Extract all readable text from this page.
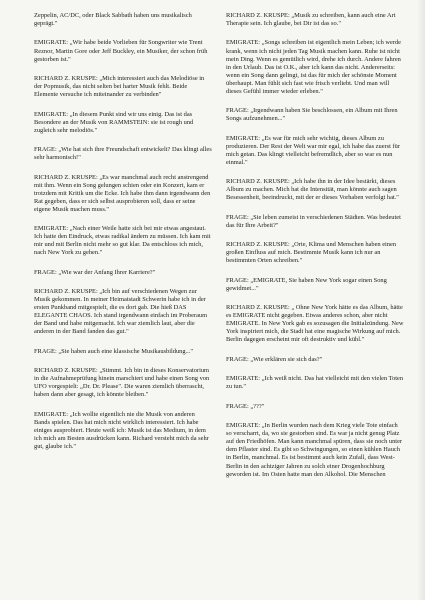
Zeppelin, AC/DC, oder Black Sabbath haben uns musikalisch geprägt."

EMIGRATE: „Wir habe beide Vorlieben für Songwriter wie Trent Reznor, Martin Gore oder Jeff Buckley, ein Musiker, der schon früh gestorben ist."

RICHARD Z. KRUSPE: „Mich interessiert auch das Melodiöse in der Popmusik, das nicht selten bei harter Musik fehlt. Beide Elemente versuche ich miteinander zu verbinden"

EMIGRATE: „In diesem Punkt sind wir uns einig. Das ist das Besondere an der Musik von RAMMSTEIN: sie ist rough und zugleich sehr melodiös."

FRAGE: „Wie hat sich ihre Freundschaft entwickelt? Das klingt alles sehr harmonisch!"

RICHARD Z. KRUSPE: „Es war manchmal auch recht anstrengend mit ihm. Wenn ein Song gelungen schien oder ein Konzert, kam er trotzdem mit Kritik um die Ecke. Ich habe ihm dann irgendwann den Rat gegeben, dass er sich selbst ausprobieren soll, dass er seine eigene Musik machen muss."

EMIGRATE: „Nach einer Weile hatte sich bei mir etwas angestaut. Ich hatte den Eindruck, etwas radikal ändern zu müssen. Ich kam mit mir und mit Berlin nicht mehr so gut klar. Da entschloss ich mich, nach New York zu gehen."

FRAGE: „Wie war der Anfang Ihrer Karriere?"

RICHARD Z. KRUSPE: „Ich bin auf verschiedenen Wegen zur Musik gekommen. In meiner Heimatstadt Schwerin habe ich in der ersten Punkband mitgespielt, die es dort gab. Die hieß DAS ELEGANTE CHAOS. Ich stand irgendwann einfach im Proberaum der Band und habe mitgemacht. Ich war ziemlich laut, aber die anderen in der Band fanden das gut."

FRAGE: „Sie haben auch eine klassische Musikausbildung..."

RICHARD Z. KRUSPE: „Stimmt. Ich bin in dieses Konservatorium in die Aufnahmeprüfung hinein marschiert und habe einen Song von UFO vorgespielt: „Dr. Dr. Please". Die waren ziemlich überrascht, haben dann aber gesagt, ich könnte bleiben."

EMIGRATE: „Ich wollte eigentlich nie die Musik von anderen Bands spielen. Das hat mich nicht wirklich interessiert. Ich habe einiges ausprobiert. Heute weiß ich: Musik ist das Medium, in dem ich mich am Besten ausdrücken kann. Richard versteht mich da sehr gut, glaube ich."

RICHARD Z. KRUSPE: „Musik zu schreiben, kann auch eine Art Therapie sein. Ich glaube, bei Dir ist das so."

EMIGRATE: „Songs schreiben ist eigentlich mein Leben; ich werde krank, wenn ich nicht jeden Tag Musik machen kann. Ruhe ist nicht mein Ding. Wenn es gemütlich wird, drehe ich durch. Andere fahren in den Urlaub. Das ist O.K., aber ich kann das nicht. Andererseits: wenn ein Song dann gelingt, ist das für mich der schönste Moment überhaupt. Man fühlt sich fast wie frisch verliebt. Und man will dieses Gefühl immer wieder erleben."

FRAGE: „Irgendwann haben Sie beschlossen, ein Album mit Ihren Songs aufzunehmen..."

EMIGRATE: „Es war für mich sehr wichtig, dieses Album zu produzieren. Der Rest der Welt war mir egal, ich habe das zuerst für mich getan. Das klingt vielleicht befremdlich, aber so war es nun einmal."

RICHARD Z. KRUSPE: „Ich habe ihn in der Idee bestärkt, dieses Album zu machen. Mich hat die Intensität, man könnte auch sagen Besessenheit, beeindruckt, mit der er dieses Vorhaben verfolgt hat."

FRAGE: „Sie leben zumeist in verschiedenen Städten. Was bedeutet das für Ihre Arbeit?"

RICHARD Z. KRUSPE: „Orte, Klima und Menschen haben einen großen Einfluss auf mich. Bestimmte Musik kann ich nur an bestimmten Orten schreiben."

FRAGE: „EMIGRATE, Sie haben New York sogar einen Song gewidmet..."

RICHARD Z. KRUSPE: „ Ohne New York hätte es das Album, hätte es EMIGRATE nicht gegeben. Etwas anderes schon, aber nicht EMIGRATE. In New York gab es sozusagen die Initialzündung. New York inspiriert mich, die Stadt hat eine magische Wirkung auf mich. Berlin dagegen erscheint mir oft destruktiv und kühl."

FRAGE: „Wie erklären sie sich das?"

EMIGRATE: „Ich weiß nicht. Das hat vielleicht mit den vielen Toten zu tun."

FRAGE: „???"

EMIGRATE: „In Berlin wurden nach dem Krieg viele Tote einfach so verscharrt, da, wo sie gestorben sind. Es war ja nicht genug Platz auf den Friedhöfen. Man kann manchmal spüren, dass sie noch unter dem Pflaster sind. Es gibt so Schwingungen, so einen kühlen Hauch in Berlin, manchmal. Es ist bestimmt auch kein Zufall, dass West-Berlin in den achtziger Jahren zu solch einer Drogenhochburg geworden ist. Im Osten hatte man den Alkohol. Die Menschen
